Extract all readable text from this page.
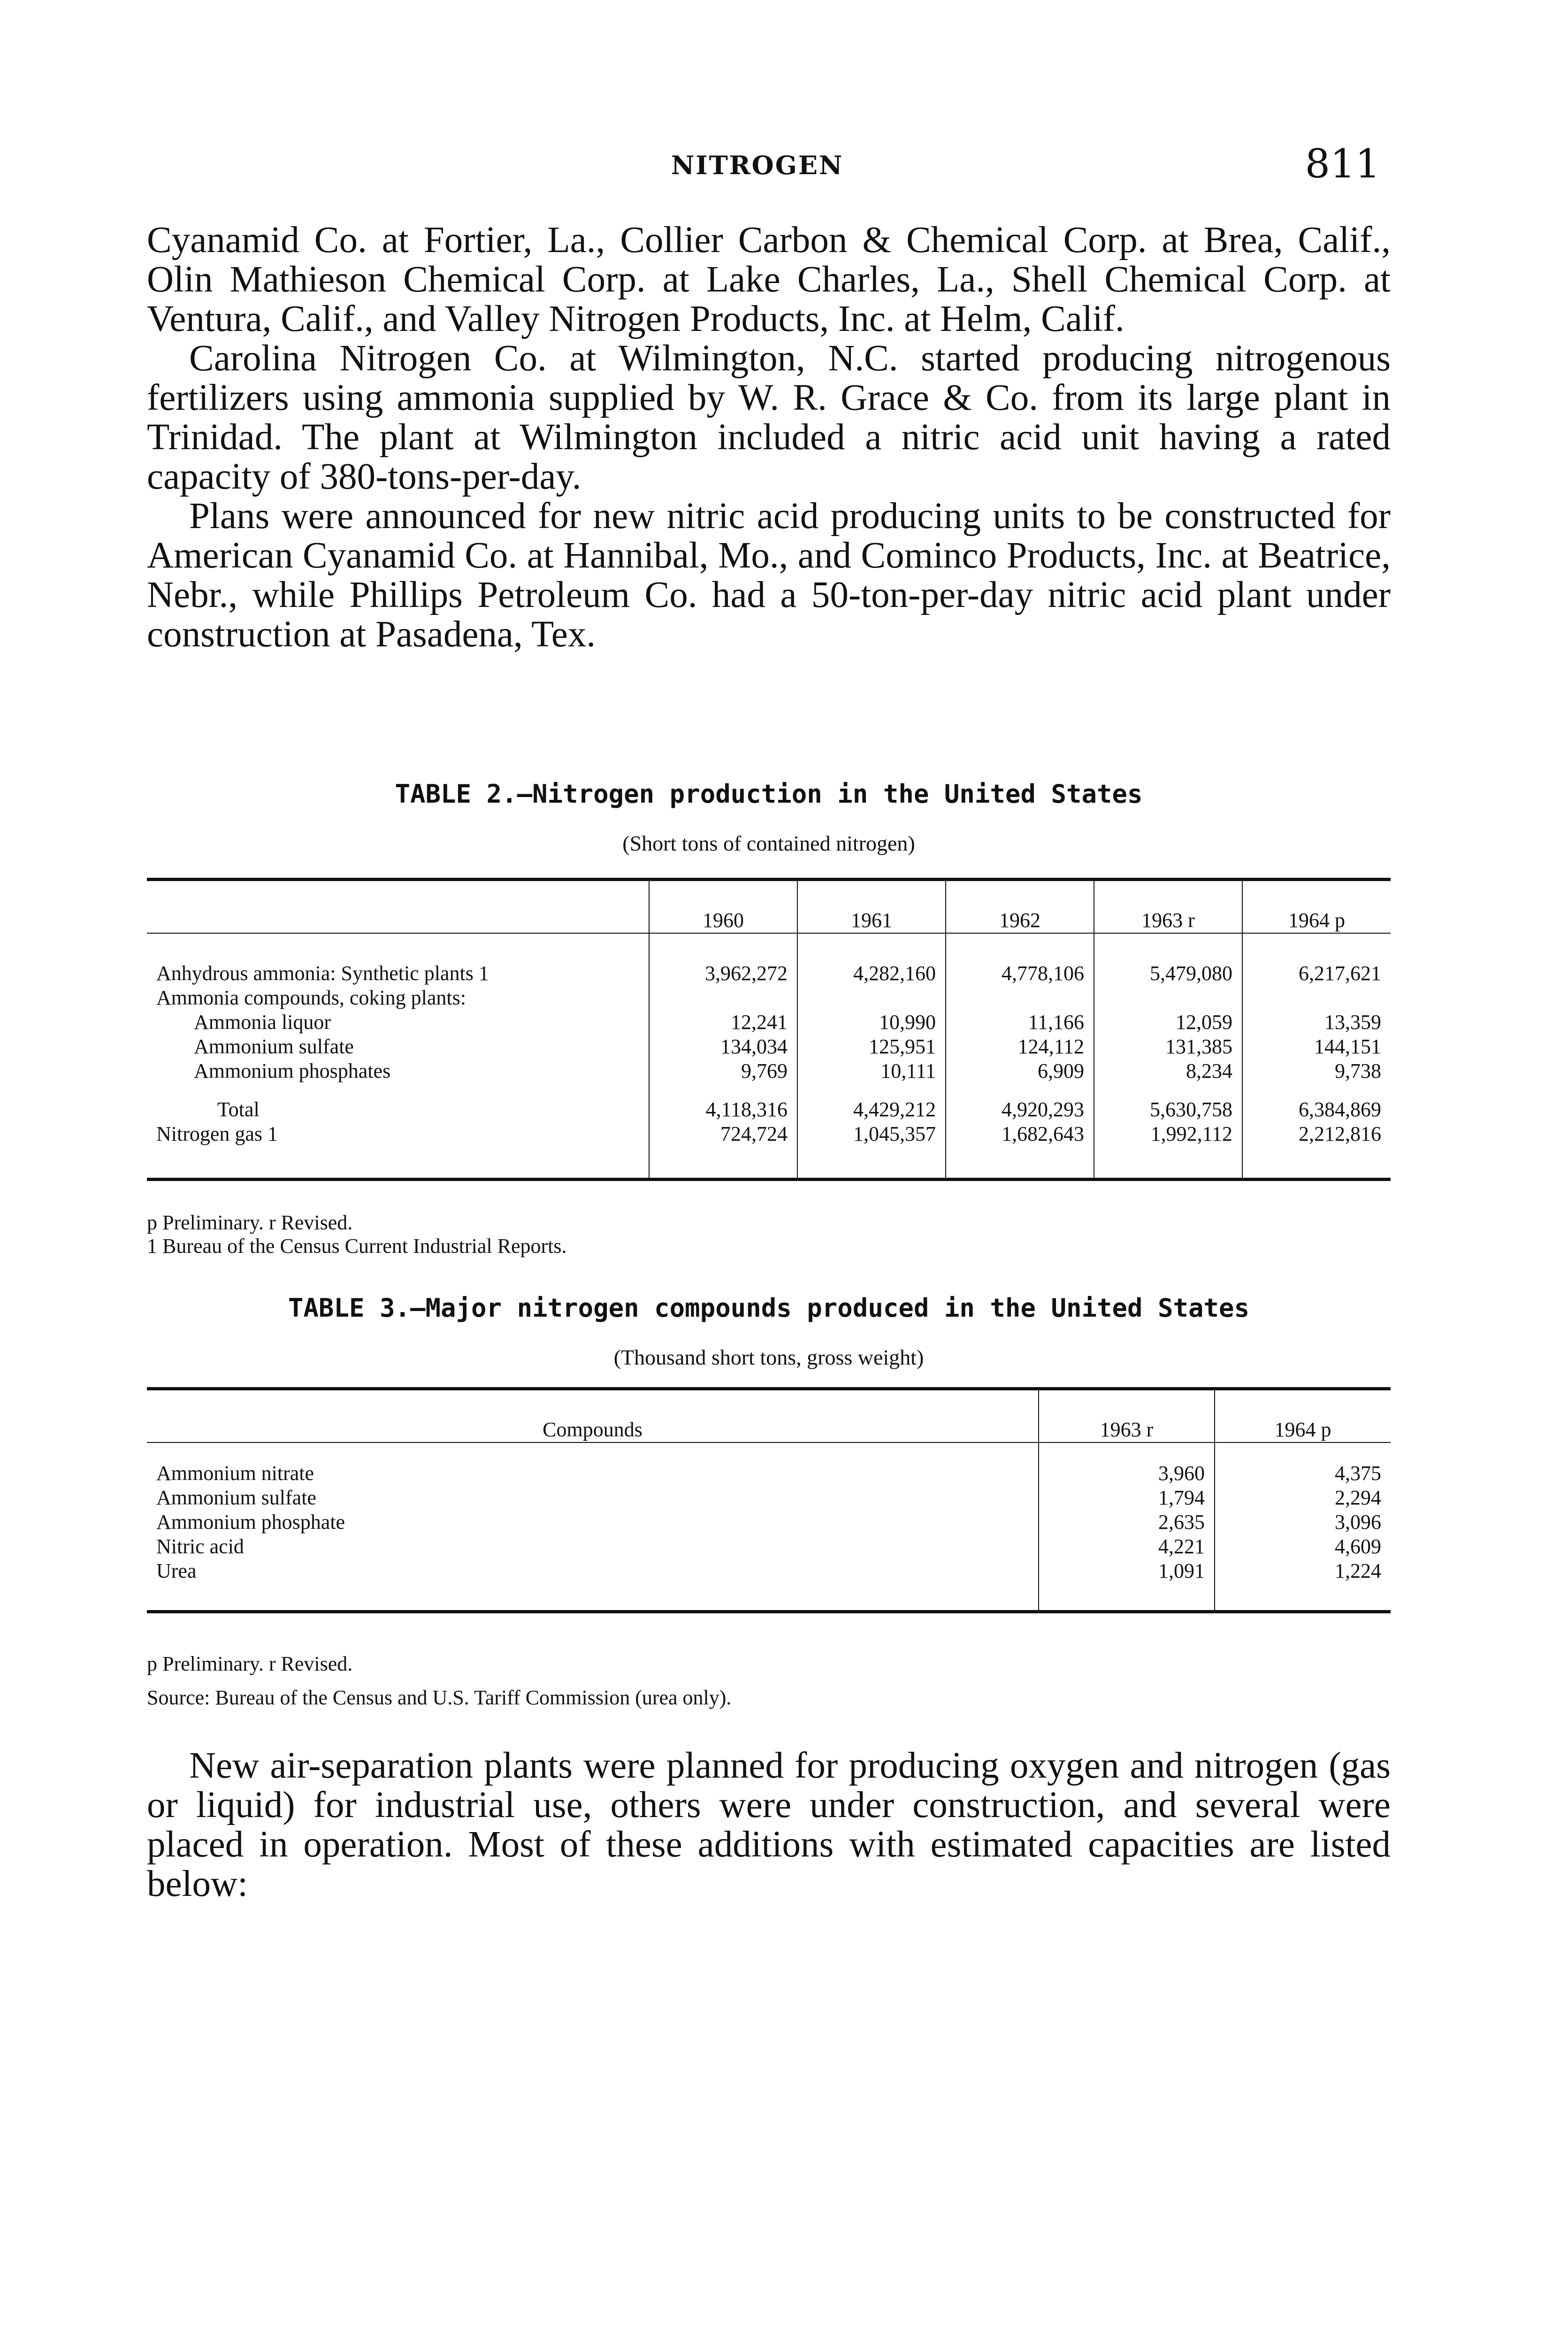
NITROGEN	811

Cyanamid Co. at Fortier, La., Collier Carbon & Chemical Corp. at Brea, Calif., Olin Mathieson Chemical Corp. at Lake Charles, La., Shell Chemical Corp. at Ventura, Calif., and Valley Nitrogen Products, Inc. at Helm, Calif.

Carolina Nitrogen Co. at Wilmington, N.C. started producing nitrogenous fertilizers using ammonia supplied by W. R. Grace & Co. from its large plant in Trinidad. The plant at Wilmington included a nitric acid unit having a rated capacity of 380-tons-per-day.

Plans were announced for new nitric acid producing units to be constructed for American Cyanamid Co. at Hannibal, Mo., and Cominco Products, Inc. at Beatrice, Nebr., while Phillips Petroleum Co. had a 50-ton-per-day nitric acid plant under construction at Pasadena, Tex.

TABLE 2.—Nitrogen production in the United States
(Short tons of contained nitrogen)
	1960	1961	1962	1963 r	1964 p

Anhydrous ammonia: Synthetic plants 1	3,962,272	4,282,160	4,778,106	5,479,080	6,217,621
Ammonia compounds, coking plants:					
Ammonia liquor	12,241	10,990	11,166	12,059	13,359
Ammonium sulfate	134,034	125,951	124,112	131,385	144,151
Ammonium phosphates	9,769	10,111	6,909	8,234	9,738

Total	4,118,316	4,429,212	4,920,293	5,630,758	6,384,869
Nitrogen gas 1	724,724	1,045,357	1,682,643	1,992,112	2,212,816

p Preliminary. r Revised.
1 Bureau of the Census Current Industrial Reports.
TABLE 3.—Major nitrogen compounds produced in the United States
(Thousand short tons, gross weight)
Compounds	1963 r	1964 p

Ammonium nitrate	3,960	4,375
Ammonium sulfate	1,794	2,294
Ammonium phosphate	2,635	3,096
Nitric acid	4,221	4,609
Urea	1,091	1,224

p Preliminary. r Revised.
Source: Bureau of the Census and U.S. Tariff Commission (urea only).

New air-separation plants were planned for producing oxygen and nitrogen (gas or liquid) for industrial use, others were under construction, and several were placed in operation. Most of these additions with estimated capacities are listed below:
